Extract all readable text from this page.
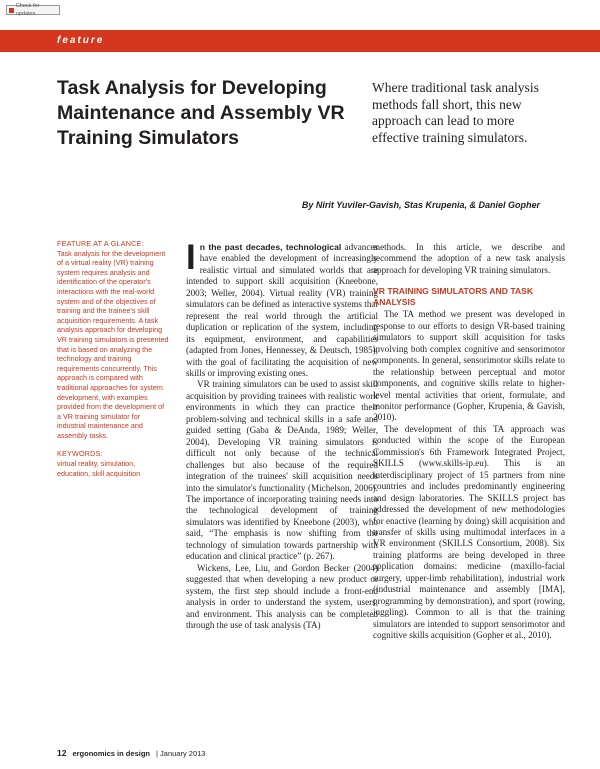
Check for updates
feature
Task Analysis for Developing Maintenance and Assembly VR Training Simulators
Where traditional task analysis methods fall short, this new approach can lead to more effective training simulators.
By Nirit Yuviler-Gavish, Stas Krupenia, & Daniel Gopher
FEATURE AT A GLANCE:
Task analysis for the development of a virtual reality (VR) training system requires analysis and identification of the operator's interactions with the real-world system and of the objectives of training and the trainee's skill acquisition requirements. A task analysis approach for developing VR training simulators is presented that is based on analyzing the technology and training requirements concurrently. This approach is compared with traditional approaches for system development, with examples provided from the development of a VR training simulator for industrial maintenance and assembly tasks.
KEYWORDS:
virtual reality, simulation, education, skill acquisition

In the past decades, technological advances have enabled the development of increasingly realistic virtual and simulated worlds that are intended to support skill acquisition (Kneebone, 2003; Weller, 2004). Virtual reality (VR) training simulators can be defined as interactive systems that represent the real world through the artificial duplication or replication of the system, including its equipment, environment, and capabilities (adapted from Jones, Hennessey, & Deutsch, 1985), with the goal of facilitating the acquisition of new skills or improving existing ones.

VR training simulators can be used to assist skill acquisition by providing trainees with realistic work environments in which they can practice their problem-solving and technical skills in a safe and guided setting (Gaba & DeAnda, 1989; Weller, 2004). Developing VR training simulators is difficult not only because of the technical challenges but also because of the required integration of the trainees' skill acquisition needs into the simulator's functionality (Michelson, 2006). The importance of incorporating training needs into the technological development of training simulators was identified by Kneebone (2003), who said, “The emphasis is now shifting from the technology of simulation towards partnership with education and clinical practice” (p. 267).

Wickens, Lee, Liu, and Gordon Becker (2004) suggested that when developing a new product or system, the first step should include a front-end analysis in order to understand the system, users, and environment. This analysis can be completed through the use of task analysis (TA)

methods. In this article, we describe and recommend the adoption of a new task analysis approach for developing VR training simulators.

VR TRAINING SIMULATORS AND TASK ANALYSIS

The TA method we present was developed in response to our efforts to design VR-based training simulators to support skill acquisition for tasks involving both complex cognitive and sensorimotor components. In general, sensorimotor skills relate to the relationship between perceptual and motor components, and cognitive skills relate to higher-level mental activities that orient, formulate, and monitor performance (Gopher, Krupenia, & Gavish, 2010).

The development of this TA approach was conducted within the scope of the European Commission's 6th Framework Integrated Project, SKILLS (www.skills-ip.eu). This is an interdisciplinary project of 15 partners from nine countries and includes predominantly engineering and design laboratories. The SKILLS project has addressed the development of new methodologies for enactive (learning by doing) skill acquisition and transfer of skills using multimodal interfaces in a VR environment (SKILLS Consortium, 2008). Six training platforms are being developed in three application domains: medicine (maxillo-facial surgery, upper-limb rehabilitation), industrial work (industrial maintenance and assembly [IMA], programming by demonstration), and sport (rowing, juggling). Common to all is that the training simulators are intended to support sensorimotor and cognitive skills acquisition (Gopher et al., 2010).

12 ergonomics in design | January 2013
